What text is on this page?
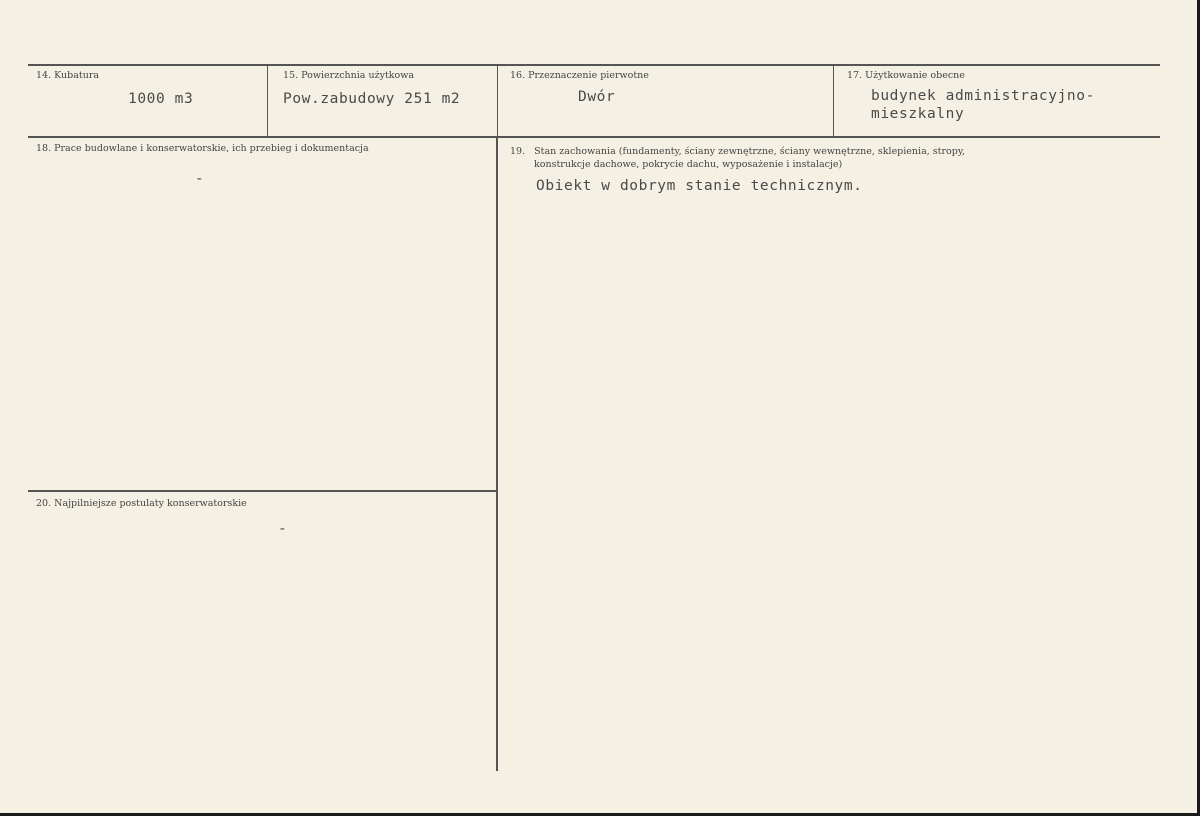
14. Kubatura
1000 m3
15. Powierzchnia użytkowa
Pow.zabudowy 251 m2
16. Przeznaczenie pierwotne
Dwór
17. Użytkowanie obecne
budynek administracyjno-
mieszkalny
18. Prace budowlane i konserwatorskie, ich przebieg i dokumentacja
-
19.   Stan zachowania (fundamenty, ściany zewnętrzne, ściany wewnętrzne, sklepienia, stropy,
konstrukcje dachowe, pokrycie dachu, wyposażenie i instalacje)
Obiekt w dobrym stanie technicznym.
20. Najpilniejsze postulaty konserwatorskie
-
